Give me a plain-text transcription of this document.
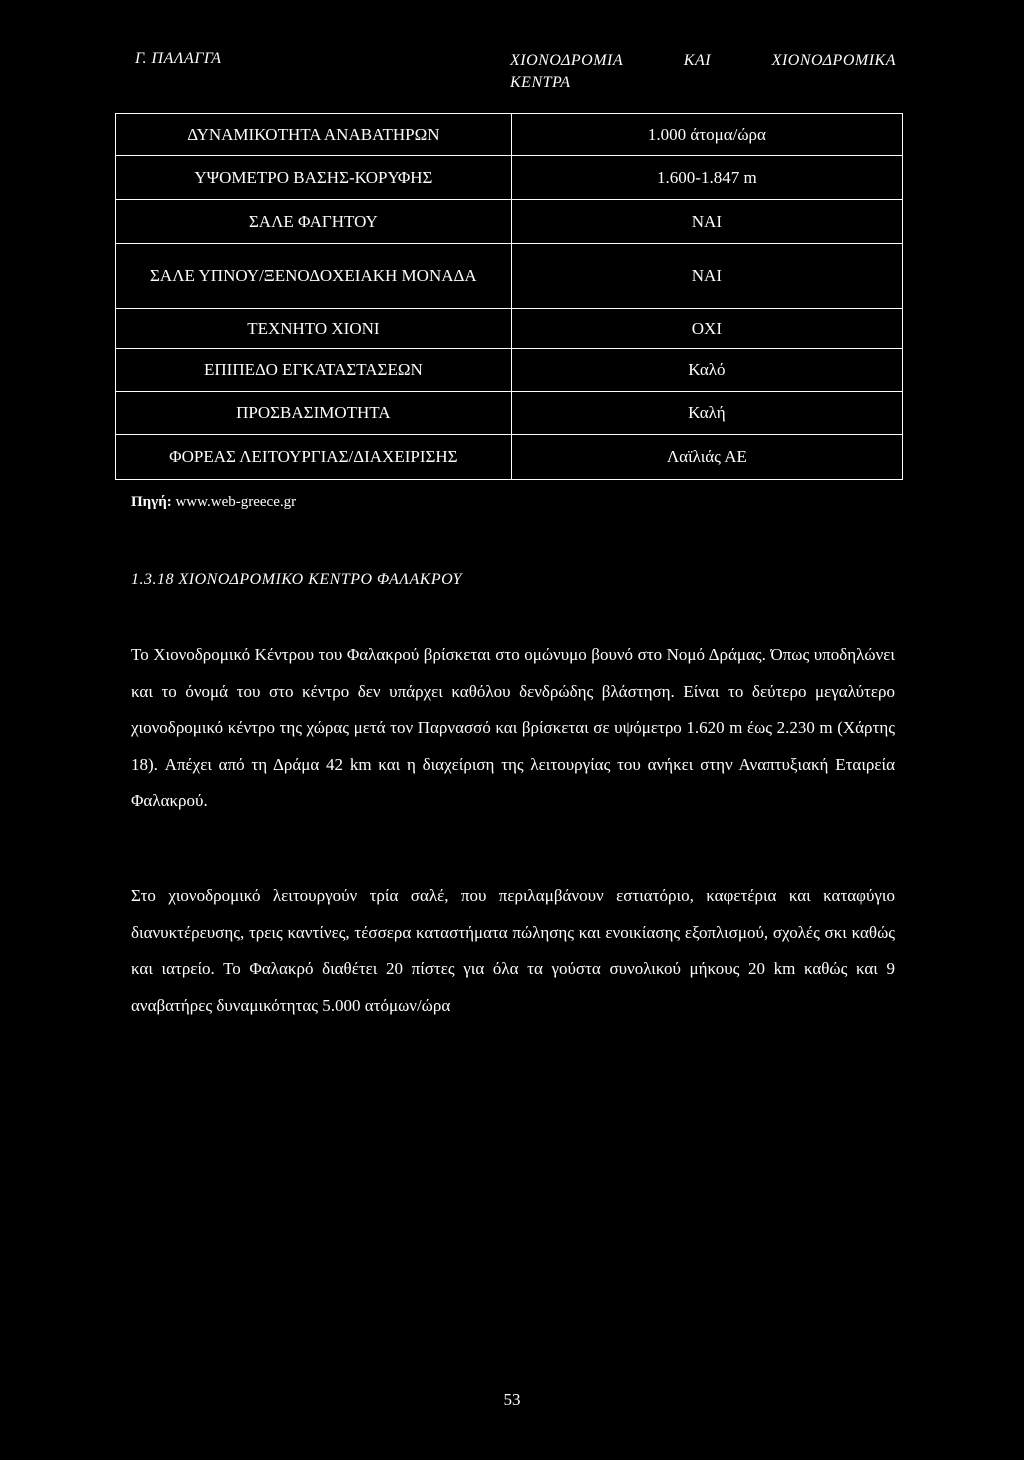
Γ. ΠΑΛΑΓΓΑ	ΧΙΟΝΟΔΡΟΜΙΑ	ΚΑΙ	ΧΙΟΝΟΔΡΟΜΙΚΑ
ΚΕΝΤΡΑ
ΔΥΝΑΜΙΚΟΤΗΤΑ ΑΝΑΒΑΤΗΡΩΝ	1.000 άτομα/ώρα
ΥΨΟΜΕΤΡΟ ΒΑΣΗΣ-ΚΟΡΥΦΗΣ	1.600-1.847 m
ΣΑΛΕ ΦΑΓΗΤΟΥ	ΝΑΙ
ΣΑΛΕ ΥΠΝΟΥ/ΞΕΝΟΔΟΧΕΙΑΚΗ ΜΟΝΑΔΑ	ΝΑΙ
ΤΕΧΝΗΤΟ ΧΙΟΝΙ	ΟΧΙ
ΕΠΙΠΕΔΟ ΕΓΚΑΤΑΣΤΑΣΕΩΝ	Καλό
ΠΡΟΣΒΑΣΙΜΟΤΗΤΑ	Καλή
ΦΟΡΕΑΣ ΛΕΙΤΟΥΡΓΙΑΣ/ΔΙΑΧΕΙΡΙΣΗΣ	Λαϊλιάς ΑΕ
Πηγή: www.web-greece.gr
1.3.18 ΧΙΟΝΟΔΡΟΜΙΚΟ ΚΕΝΤΡΟ ΦΑΛΑΚΡΟΥ
Το Χιονοδρομικό Κέντρου του Φαλακρού βρίσκεται στο ομώνυμο βουνό στο Νομό Δράμας. Όπως υποδηλώνει και το όνομά του στο κέντρο δεν υπάρχει καθόλου δενδρώδης βλάστηση. Είναι το δεύτερο μεγαλύτερο χιονοδρομικό κέντρο της χώρας μετά τον Παρνασσό και βρίσκεται σε υψόμετρο 1.620 m έως 2.230 m (Χάρτης 18). Απέχει από τη Δράμα 42 km και η διαχείριση της λειτουργίας του ανήκει στην Αναπτυξιακή Εταιρεία Φαλακρού.
Στο χιονοδρομικό λειτουργούν τρία σαλέ, που περιλαμβάνουν εστιατόριο, καφετέρια και καταφύγιο διανυκτέρευσης, τρεις καντίνες, τέσσερα καταστήματα πώλησης και ενοικίασης εξοπλισμού, σχολές σκι καθώς και ιατρείο. Το Φαλακρό διαθέτει 20 πίστες για όλα τα γούστα συνολικού μήκους 20 km καθώς και 9 αναβατήρες δυναμικότητας 5.000 ατόμων/ώρα
53
